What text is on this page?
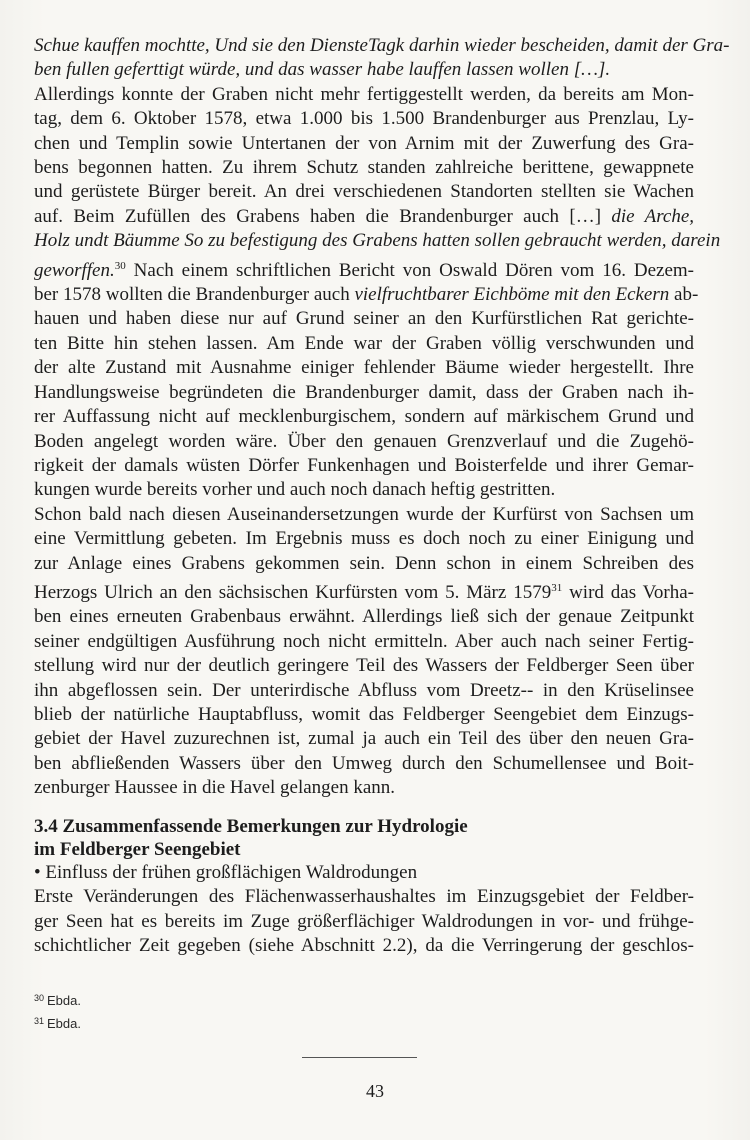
Schue kauffen mochtte, Und sie den DiensteTagk darhin wieder bescheiden, damit der Gra-
ben fullen geferttigt würde, und das wasser habe lauffen lassen wollen […].
Allerdings konnte der Graben nicht mehr fertiggestellt werden, da bereits am Mon-
tag, dem 6. Oktober 1578, etwa 1.000 bis 1.500 Brandenburger aus Prenzlau, Ly-
chen und Templin sowie Untertanen der von Arnim mit der Zuwerfung des Gra-
bens begonnen hatten. Zu ihrem Schutz standen zahlreiche berittene, gewappnete
und gerüstete Bürger bereit. An drei verschiedenen Standorten stellten sie Wachen
auf. Beim Zufüllen des Grabens haben die Brandenburger auch […] die Arche,
Holz undt Bäumme So zu befestigung des Grabens hatten sollen gebraucht werden, darein
geworffen.$^{30}$ Nach einem schriftlichen Bericht von Oswald Dören vom 16. Dezem-
ber 1578 wollten die Brandenburger auch vielfruchtbarer Eichböme mit den Eckern ab-
hauen und haben diese nur auf Grund seiner an den Kurfürstlichen Rat gerichte-
ten Bitte hin stehen lassen. Am Ende war der Graben völlig verschwunden und
der alte Zustand mit Ausnahme einiger fehlender Bäume wieder hergestellt. Ihre
Handlungsweise begründeten die Brandenburger damit, dass der Graben nach ih-
rer Auffassung nicht auf mecklenburgischem, sondern auf märkischem Grund und
Boden angelegt worden wäre. Über den genauen Grenzverlauf und die Zugehö-
rigkeit der damals wüsten Dörfer Funkenhagen und Boisterfelde und ihrer Gemar-
kungen wurde bereits vorher und auch noch danach heftig gestritten.
Schon bald nach diesen Auseinandersetzungen wurde der Kurfürst von Sachsen um
eine Vermittlung gebeten. Im Ergebnis muss es doch noch zu einer Einigung und
zur Anlage eines Grabens gekommen sein. Denn schon in einem Schreiben des
Herzogs Ulrich an den sächsischen Kurfürsten vom 5. März 1579$^{31}$ wird das Vorha-
ben eines erneuten Grabenbaus erwähnt. Allerdings ließ sich der genaue Zeitpunkt
seiner endgültigen Ausführung noch nicht ermitteln. Aber auch nach seiner Fertig-
stellung wird nur der deutlich geringere Teil des Wassers der Feldberger Seen über
ihn abgeflossen sein. Der unterirdische Abfluss vom Dreetz-- in den Krüselinsee
blieb der natürliche Hauptabfluss, womit das Feldberger Seengebiet dem Einzugs-
gebiet der Havel zuzurechnen ist, zumal ja auch ein Teil des über den neuen Gra-
ben abfließenden Wassers über den Umweg durch den Schumellensee und Boit-
zenburger Haussee in die Havel gelangen kann.
3.4 Zusammenfassende Bemerkungen zur Hydrologie
im Feldberger Seengebiet
• Einfluss der frühen großflächigen Waldrodungen
Erste Veränderungen des Flächenwasserhaushaltes im Einzugsgebiet der Feldber-
ger Seen hat es bereits im Zuge größerflächiger Waldrodungen in vor- und frühge-
schichtlicher Zeit gegeben (siehe Abschnitt 2.2), da die Verringerung der geschlos-
$^{30}$ Ebda.
$^{31}$ Ebda.
43
